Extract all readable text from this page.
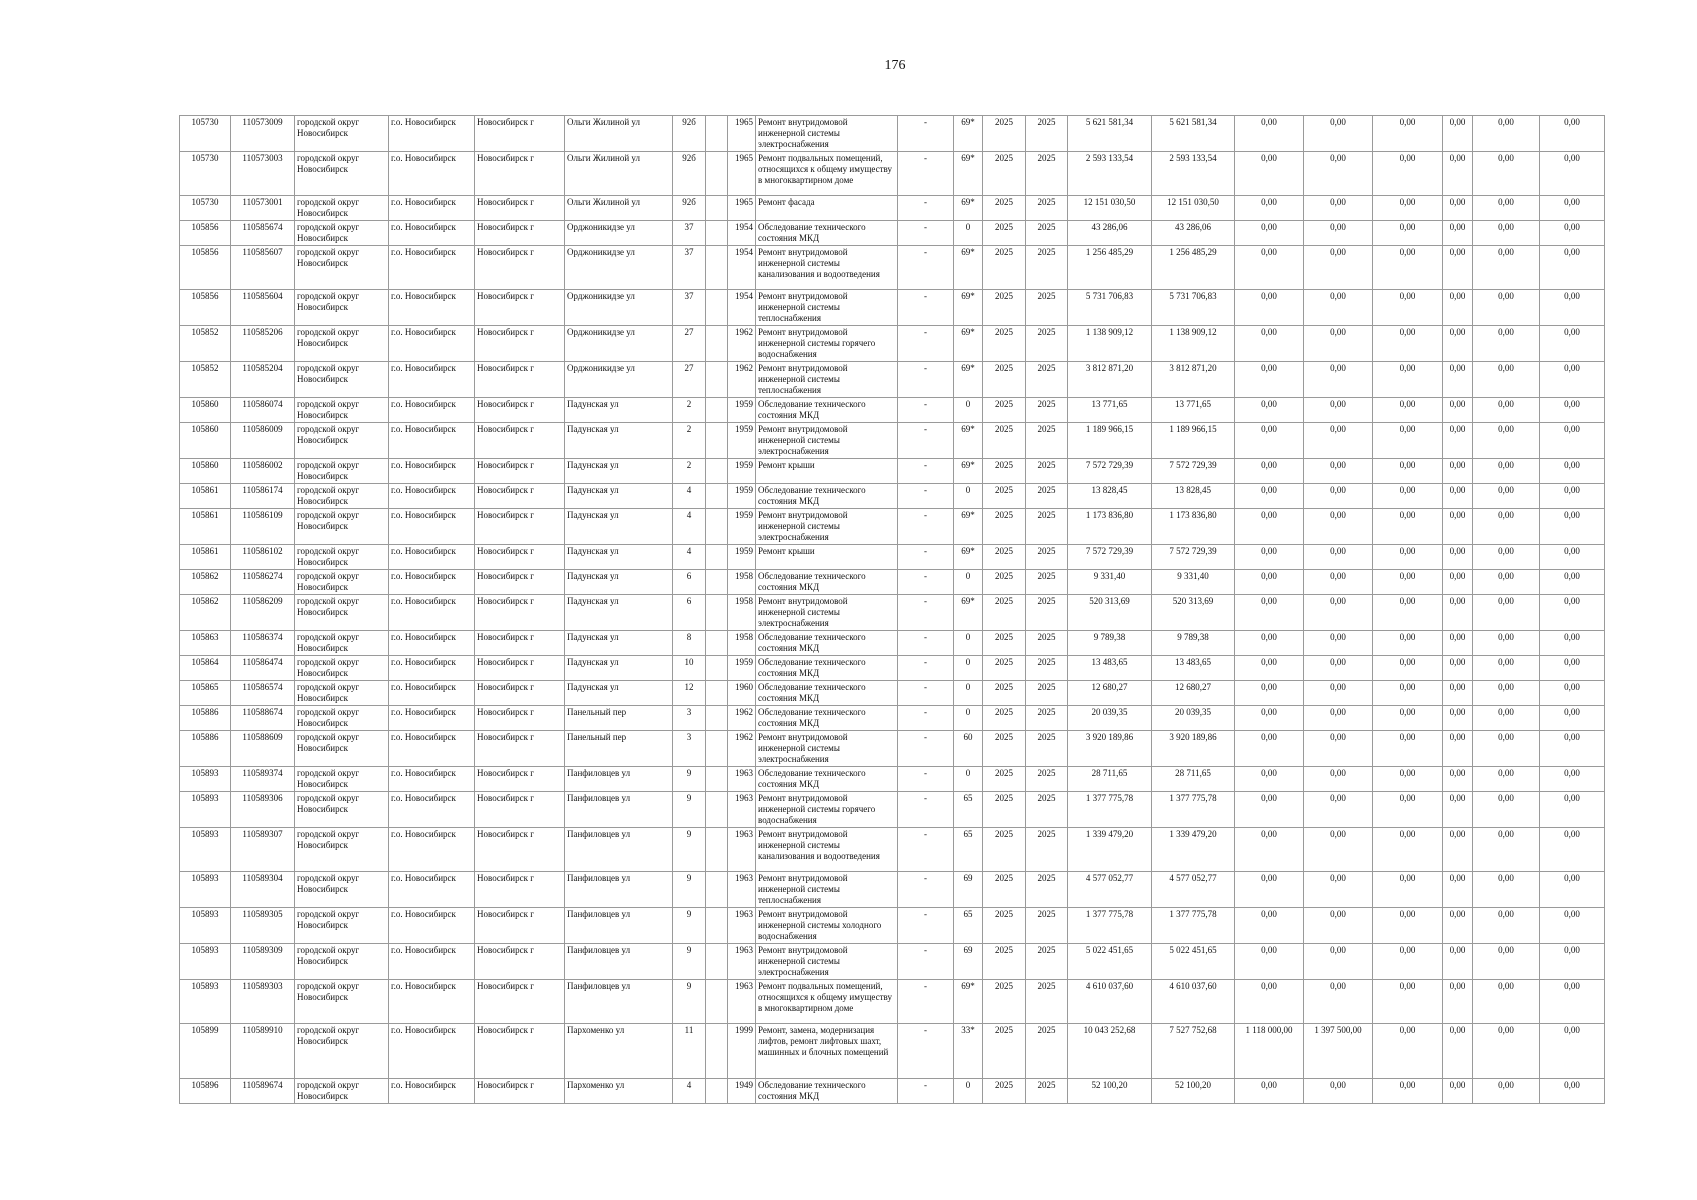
176
105730	110573009	городской округ Новосибирск	г.о. Новосибирск	Новосибирск г	Ольги Жилиной ул	92б		1965	Ремонт внутридомовой инженерной системы электроснабжения	-	69*	2025	2025	5 621 581,34	5 621 581,34	0,00	0,00	0,00	0,00	0,00	0,00
105730	110573003	городской округ Новосибирск	г.о. Новосибирск	Новосибирск г	Ольги Жилиной ул	92б		1965	Ремонт подвальных помещений, относящихся к общему имуществу в многоквартирном доме	-	69*	2025	2025	2 593 133,54	2 593 133,54	0,00	0,00	0,00	0,00	0,00	0,00
105730	110573001	городской округ Новосибирск	г.о. Новосибирск	Новосибирск г	Ольги Жилиной ул	92б		1965	Ремонт фасада	-	69*	2025	2025	12 151 030,50	12 151 030,50	0,00	0,00	0,00	0,00	0,00	0,00
105856	110585674	городской округ Новосибирск	г.о. Новосибирск	Новосибирск г	Орджоникидзе ул	37		1954	Обследование технического состояния МКД	-	0	2025	2025	43 286,06	43 286,06	0,00	0,00	0,00	0,00	0,00	0,00
105856	110585607	городской округ Новосибирск	г.о. Новосибирск	Новосибирск г	Орджоникидзе ул	37		1954	Ремонт внутридомовой инженерной системы канализования и водоотведения	-	69*	2025	2025	1 256 485,29	1 256 485,29	0,00	0,00	0,00	0,00	0,00	0,00
105856	110585604	городской округ Новосибирск	г.о. Новосибирск	Новосибирск г	Орджоникидзе ул	37		1954	Ремонт внутридомовой инженерной системы теплоснабжения	-	69*	2025	2025	5 731 706,83	5 731 706,83	0,00	0,00	0,00	0,00	0,00	0,00
105852	110585206	городской округ Новосибирск	г.о. Новосибирск	Новосибирск г	Орджоникидзе ул	27		1962	Ремонт внутридомовой инженерной системы горячего водоснабжения	-	69*	2025	2025	1 138 909,12	1 138 909,12	0,00	0,00	0,00	0,00	0,00	0,00
105852	110585204	городской округ Новосибирск	г.о. Новосибирск	Новосибирск г	Орджоникидзе ул	27		1962	Ремонт внутридомовой инженерной системы теплоснабжения	-	69*	2025	2025	3 812 871,20	3 812 871,20	0,00	0,00	0,00	0,00	0,00	0,00
105860	110586074	городской округ Новосибирск	г.о. Новосибирск	Новосибирск г	Падунская ул	2		1959	Обследование технического состояния МКД	-	0	2025	2025	13 771,65	13 771,65	0,00	0,00	0,00	0,00	0,00	0,00
105860	110586009	городской округ Новосибирск	г.о. Новосибирск	Новосибирск г	Падунская ул	2		1959	Ремонт внутридомовой инженерной системы электроснабжения	-	69*	2025	2025	1 189 966,15	1 189 966,15	0,00	0,00	0,00	0,00	0,00	0,00
105860	110586002	городской округ Новосибирск	г.о. Новосибирск	Новосибирск г	Падунская ул	2		1959	Ремонт крыши	-	69*	2025	2025	7 572 729,39	7 572 729,39	0,00	0,00	0,00	0,00	0,00	0,00
105861	110586174	городской округ Новосибирск	г.о. Новосибирск	Новосибирск г	Падунская ул	4		1959	Обследование технического состояния МКД	-	0	2025	2025	13 828,45	13 828,45	0,00	0,00	0,00	0,00	0,00	0,00
105861	110586109	городской округ Новосибирск	г.о. Новосибирск	Новосибирск г	Падунская ул	4		1959	Ремонт внутридомовой инженерной системы электроснабжения	-	69*	2025	2025	1 173 836,80	1 173 836,80	0,00	0,00	0,00	0,00	0,00	0,00
105861	110586102	городской округ Новосибирск	г.о. Новосибирск	Новосибирск г	Падунская ул	4		1959	Ремонт крыши	-	69*	2025	2025	7 572 729,39	7 572 729,39	0,00	0,00	0,00	0,00	0,00	0,00
105862	110586274	городской округ Новосибирск	г.о. Новосибирск	Новосибирск г	Падунская ул	6		1958	Обследование технического состояния МКД	-	0	2025	2025	9 331,40	9 331,40	0,00	0,00	0,00	0,00	0,00	0,00
105862	110586209	городской округ Новосибирск	г.о. Новосибирск	Новосибирск г	Падунская ул	6		1958	Ремонт внутридомовой инженерной системы электроснабжения	-	69*	2025	2025	520 313,69	520 313,69	0,00	0,00	0,00	0,00	0,00	0,00
105863	110586374	городской округ Новосибирск	г.о. Новосибирск	Новосибирск г	Падунская ул	8		1958	Обследование технического состояния МКД	-	0	2025	2025	9 789,38	9 789,38	0,00	0,00	0,00	0,00	0,00	0,00
105864	110586474	городской округ Новосибирск	г.о. Новосибирск	Новосибирск г	Падунская ул	10		1959	Обследование технического состояния МКД	-	0	2025	2025	13 483,65	13 483,65	0,00	0,00	0,00	0,00	0,00	0,00
105865	110586574	городской округ Новосибирск	г.о. Новосибирск	Новосибирск г	Падунская ул	12		1960	Обследование технического состояния МКД	-	0	2025	2025	12 680,27	12 680,27	0,00	0,00	0,00	0,00	0,00	0,00
105886	110588674	городской округ Новосибирск	г.о. Новосибирск	Новосибирск г	Панельный пер	3		1962	Обследование технического состояния МКД	-	0	2025	2025	20 039,35	20 039,35	0,00	0,00	0,00	0,00	0,00	0,00
105886	110588609	городской округ Новосибирск	г.о. Новосибирск	Новосибирск г	Панельный пер	3		1962	Ремонт внутридомовой инженерной системы электроснабжения	-	60	2025	2025	3 920 189,86	3 920 189,86	0,00	0,00	0,00	0,00	0,00	0,00
105893	110589374	городской округ Новосибирск	г.о. Новосибирск	Новосибирск г	Панфиловцев ул	9		1963	Обследование технического состояния МКД	-	0	2025	2025	28 711,65	28 711,65	0,00	0,00	0,00	0,00	0,00	0,00
105893	110589306	городской округ Новосибирск	г.о. Новосибирск	Новосибирск г	Панфиловцев ул	9		1963	Ремонт внутридомовой инженерной системы горячего водоснабжения	-	65	2025	2025	1 377 775,78	1 377 775,78	0,00	0,00	0,00	0,00	0,00	0,00
105893	110589307	городской округ Новосибирск	г.о. Новосибирск	Новосибирск г	Панфиловцев ул	9		1963	Ремонт внутридомовой инженерной системы канализования и водоотведения	-	65	2025	2025	1 339 479,20	1 339 479,20	0,00	0,00	0,00	0,00	0,00	0,00
105893	110589304	городской округ Новосибирск	г.о. Новосибирск	Новосибирск г	Панфиловцев ул	9		1963	Ремонт внутридомовой инженерной системы теплоснабжения	-	69	2025	2025	4 577 052,77	4 577 052,77	0,00	0,00	0,00	0,00	0,00	0,00
105893	110589305	городской округ Новосибирск	г.о. Новосибирск	Новосибирск г	Панфиловцев ул	9		1963	Ремонт внутридомовой инженерной системы холодного водоснабжения	-	65	2025	2025	1 377 775,78	1 377 775,78	0,00	0,00	0,00	0,00	0,00	0,00
105893	110589309	городской округ Новосибирск	г.о. Новосибирск	Новосибирск г	Панфиловцев ул	9		1963	Ремонт внутридомовой инженерной системы электроснабжения	-	69	2025	2025	5 022 451,65	5 022 451,65	0,00	0,00	0,00	0,00	0,00	0,00
105893	110589303	городской округ Новосибирск	г.о. Новосибирск	Новосибирск г	Панфиловцев ул	9		1963	Ремонт подвальных помещений, относящихся к общему имуществу в многоквартирном доме	-	69*	2025	2025	4 610 037,60	4 610 037,60	0,00	0,00	0,00	0,00	0,00	0,00
105899	110589910	городской округ Новосибирск	г.о. Новосибирск	Новосибирск г	Пархоменко ул	11		1999	Ремонт, замена, модернизация лифтов, ремонт лифтовых шахт, машинных и блочных помещений	-	33*	2025	2025	10 043 252,68	7 527 752,68	1 118 000,00	1 397 500,00	0,00	0,00	0,00	0,00
105896	110589674	городской округ Новосибирск	г.о. Новосибирск	Новосибирск г	Пархоменко ул	4		1949	Обследование технического состояния МКД	-	0	2025	2025	52 100,20	52 100,20	0,00	0,00	0,00	0,00	0,00	0,00
